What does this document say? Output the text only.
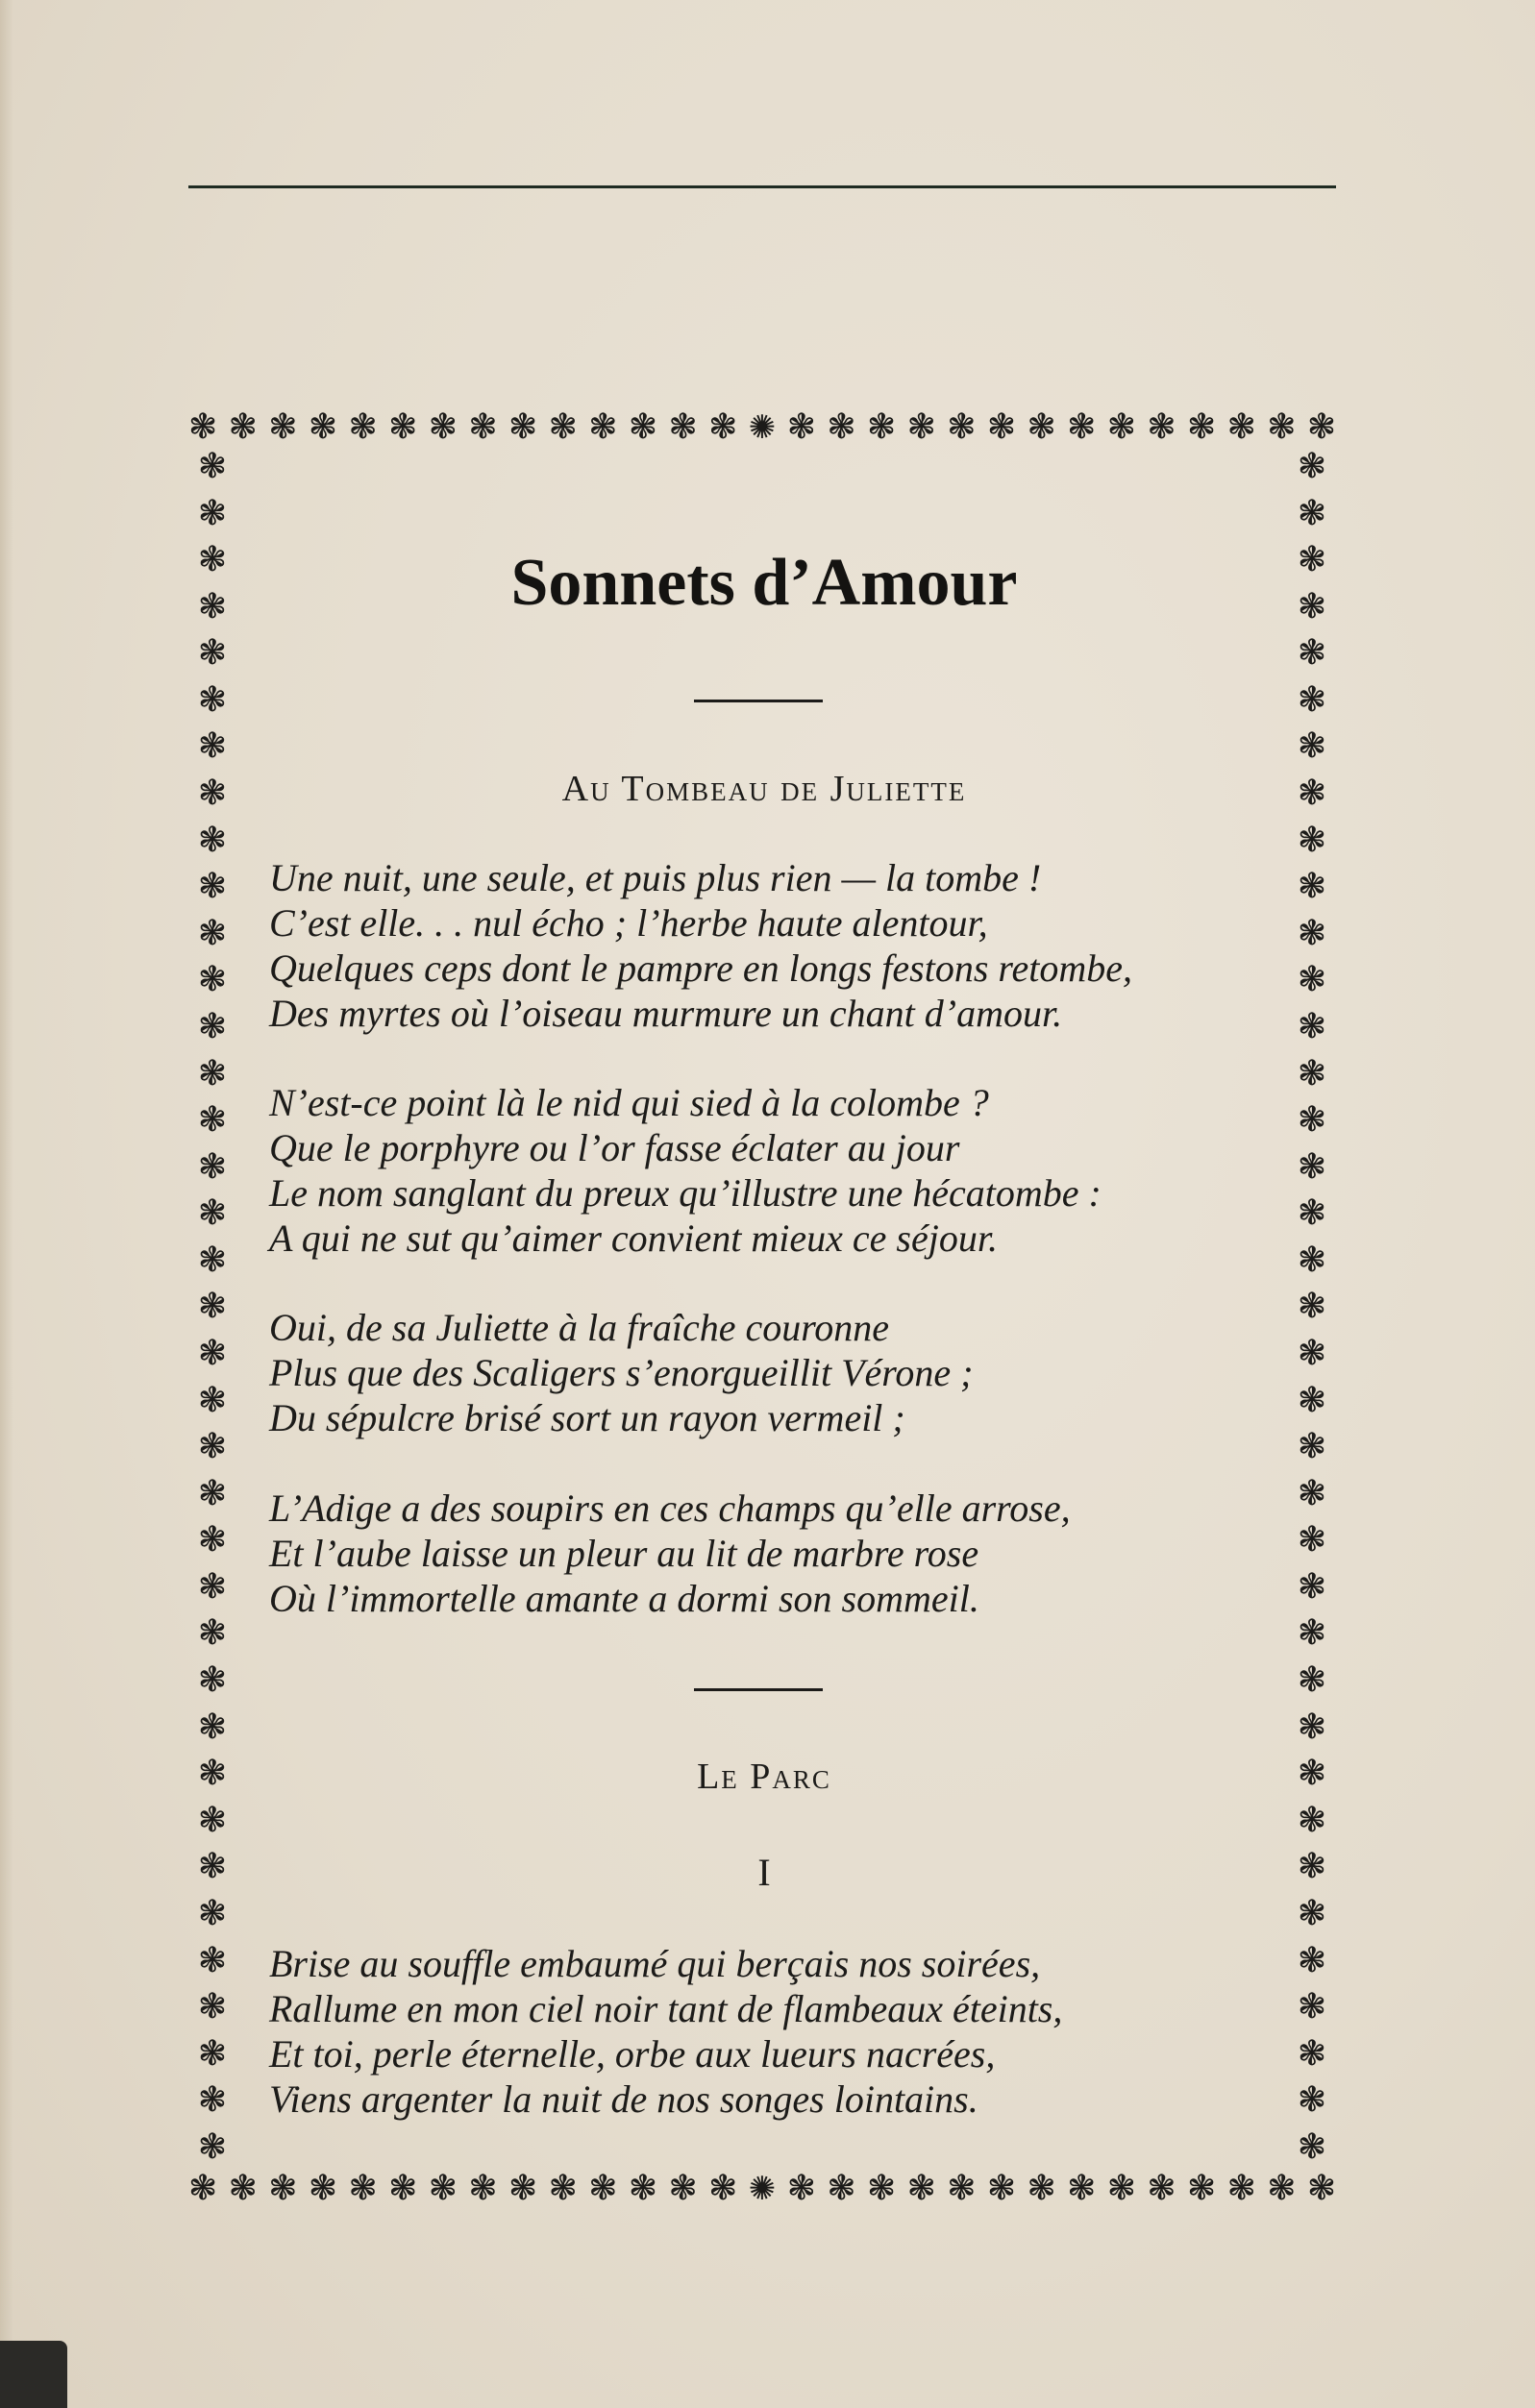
❃ ❃ ❃ ❃ ❃ ❃ ❃ ❃ ❃ ❃ ❃ ❃ ❃ ❃ ✺ ❃ ❃ ❃ ❃ ❃ ❃ ❃ ❃ ❃ ❃ ❃ ❃ ❃ ❃
❃ ❃ ❃ ❃ ❃ ❃ ❃ ❃ ❃ ❃ ❃ ❃ ❃ ❃ ✺ ❃ ❃ ❃ ❃ ❃ ❃ ❃ ❃ ❃ ❃ ❃ ❃ ❃ ❃
❃
❃
❃
❃
❃
❃
❃
❃
❃
❃
❃
❃
❃
❃
❃
❃
❃
❃
❃
❃
❃
❃
❃
❃
❃
❃
❃
❃
❃
❃
❃
❃
❃
❃
❃
❃
❃
❃
❃
❃
❃
❃
❃
❃
❃
❃
❃
❃
❃
❃
❃
❃
❃
❃
❃
❃
❃
❃
❃
❃
❃
❃
❃
❃
❃
❃
❃
❃
❃
❃
❃
❃
❃
❃
Sonnets d’Amour
Au Tombeau de Juliette
Une nuit, une seule, et puis plus rien — la tombe !
C’est elle. . . nul écho ; l’herbe haute alentour,
Quelques ceps dont le pampre en longs festons retombe,
Des myrtes où l’oiseau murmure un chant d’amour.
N’est-ce point là le nid qui sied à la colombe ?
Que le porphyre ou l’or fasse éclater au jour
Le nom sanglant du preux qu’illustre une hécatombe :
A qui ne sut qu’aimer convient mieux ce séjour.
Oui, de sa Juliette à la fraîche couronne
Plus que des Scaligers s’enorgueillit Vérone ;
Du sépulcre brisé sort un rayon vermeil ;
L’Adige a des soupirs en ces champs qu’elle arrose,
Et l’aube laisse un pleur au lit de marbre rose
Où l’immortelle amante a dormi son sommeil.
Le Parc
I
Brise au souffle embaumé qui berçais nos soirées,
Rallume en mon ciel noir tant de flambeaux éteints,
Et toi, perle éternelle, orbe aux lueurs nacrées,
Viens argenter la nuit de nos songes lointains.
